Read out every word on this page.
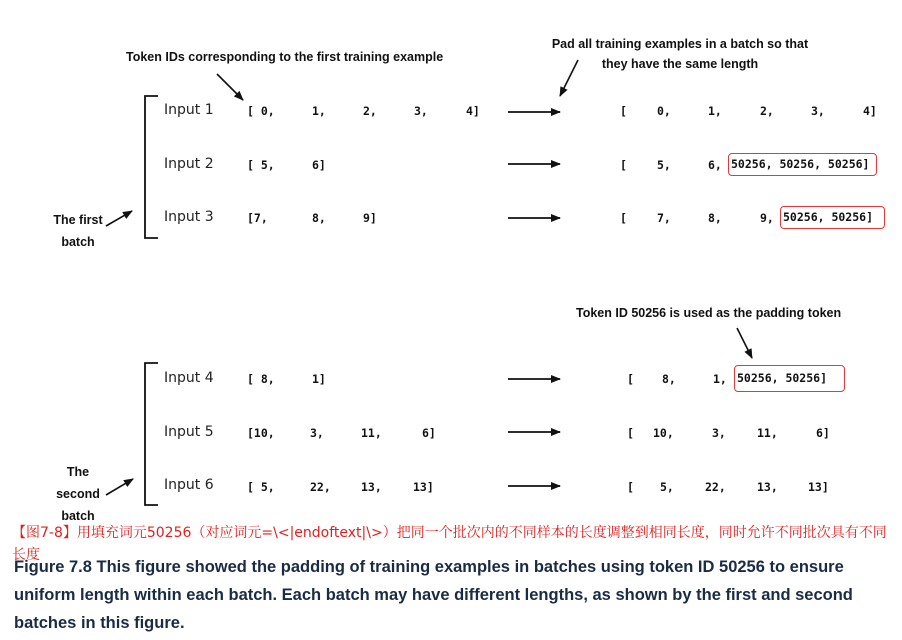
Token IDs corresponding to the first training example
Pad all training examples in a batch so that
they have the same length
The first
batch
The
second
batch
Token ID 50256 is used as the padding token
Input 1	[ 0,	1,	2,	3,	4]	[	0,	1,	2,	3,	4]
Input 2	[ 5,	6]	[	5,	6, 50256, 50256, 50256]
Input 3	[7,	8,	9]	[	7,	8,	9, 50256, 50256]
Input 4	[ 8,	1]	[ 8,	1, 50256, 50256]
Input 5	[10,	3,	11,	6]	[ 10,	3,	11,	6]
Input 6	[ 5,	22,	13,	13]	[ 5,	22,	13,	13]
【图7-8】用填充词元50256（对应词元=\<|endoftext|\>）把同一个批次内的不同样本的长度调整到相同长度，同时允许不同批次具有不同长度
Figure 7.8 This figure showed the padding of training examples in batches using token ID 50256 to ensure uniform length within each batch. Each batch may have different lengths, as shown by the first and second batches in this figure.
